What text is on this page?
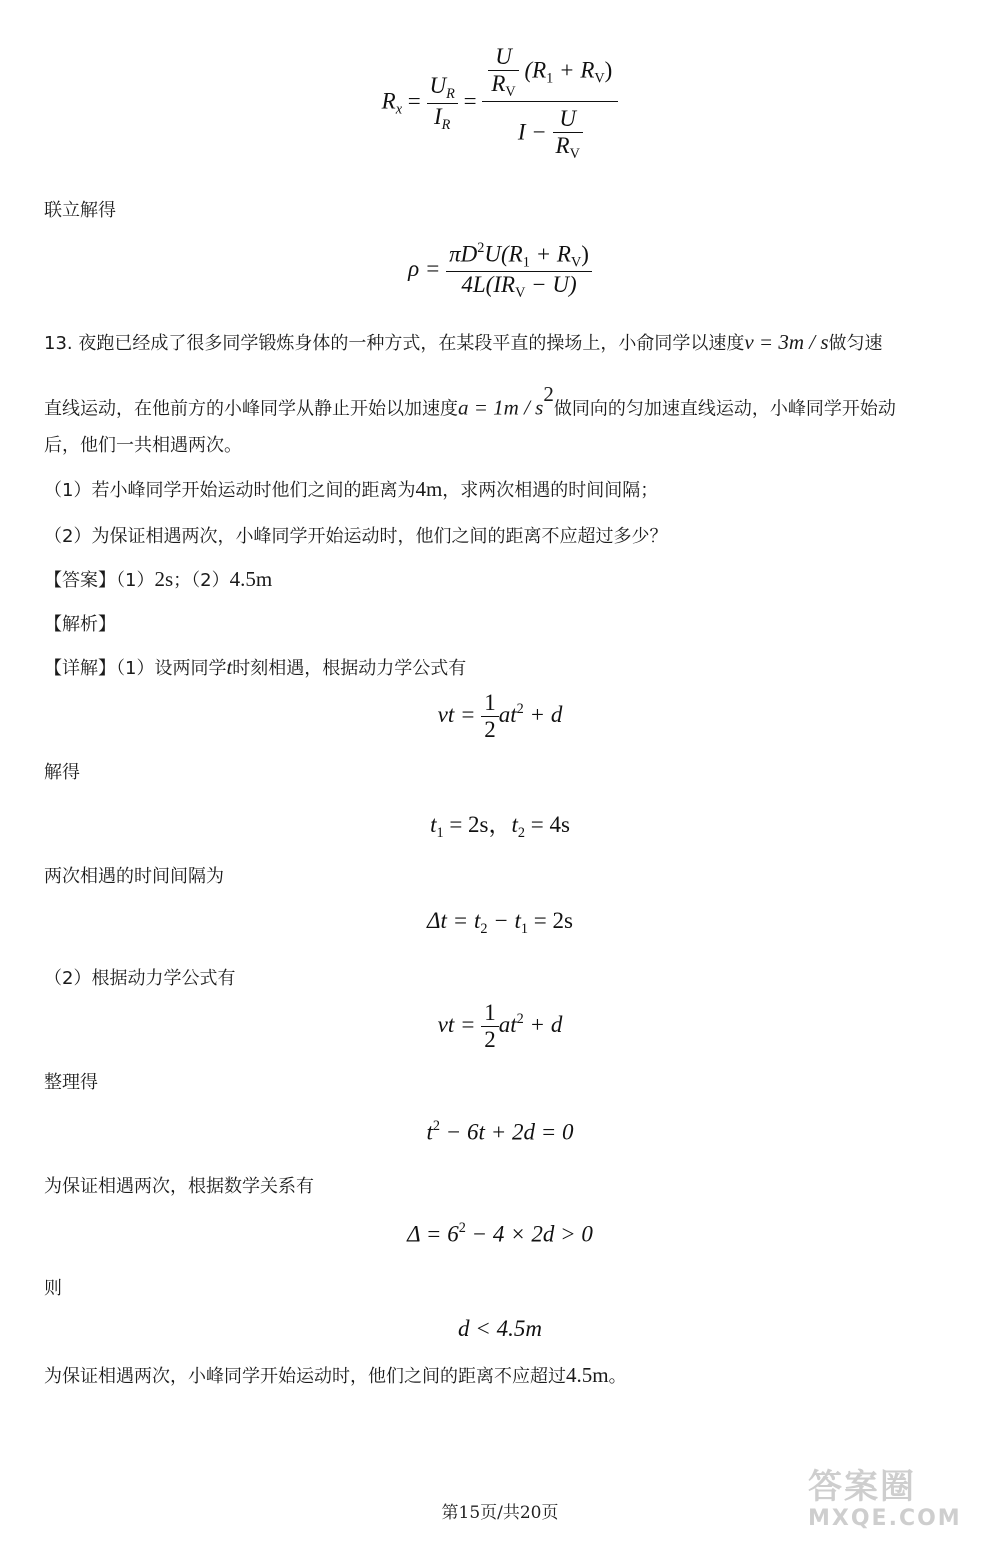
$R_x = \frac{U_R}{I_R} = \frac{\frac{U}{R_V} (R_1 + R_V)}{I - \frac{U}{R_V}}$
联立解得
$\rho = \frac{\pi D^2U(R_1 + R_V)}{4L(IR_V - U)}$
13. 夜跑已经成了很多同学锻炼身体的一种方式，在某段平直的操场上，小俞同学以速度v = 3m / s做匀速
直线运动，在他前方的小峰同学从静止开始以加速度a = 1m / s2做同向的匀加速直线运动，小峰同学开始动
后，他们一共相遇两次。
（1）若小峰同学开始运动时他们之间的距离为4m，求两次相遇的时间间隔；
（2）为保证相遇两次，小峰同学开始运动时，他们之间的距离不应超过多少？
【答案】（1）2s；（2）4.5m
【解析】
【详解】（1）设两同学t时刻相遇，根据动力学公式有
vt = $\frac{1}{2} at^2 + d$
解得
$t_1 = 2s$，$t_2 = 4s$
两次相遇的时间间隔为
$\Delta t = t_2 - t_1 = 2s$
（2）根据动力学公式有
vt = $\frac{1}{2} at^2 + d$
整理得
$t^2 - 6t + 2d = 0$
为保证相遇两次，根据数学关系有
$\Delta = 6^2 - 4 \times 2d > 0$
则
d < 4.5m
为保证相遇两次，小峰同学开始运动时，他们之间的距离不应超过4.5m。
第15页/共20页
答案圈
MXQE.COM
